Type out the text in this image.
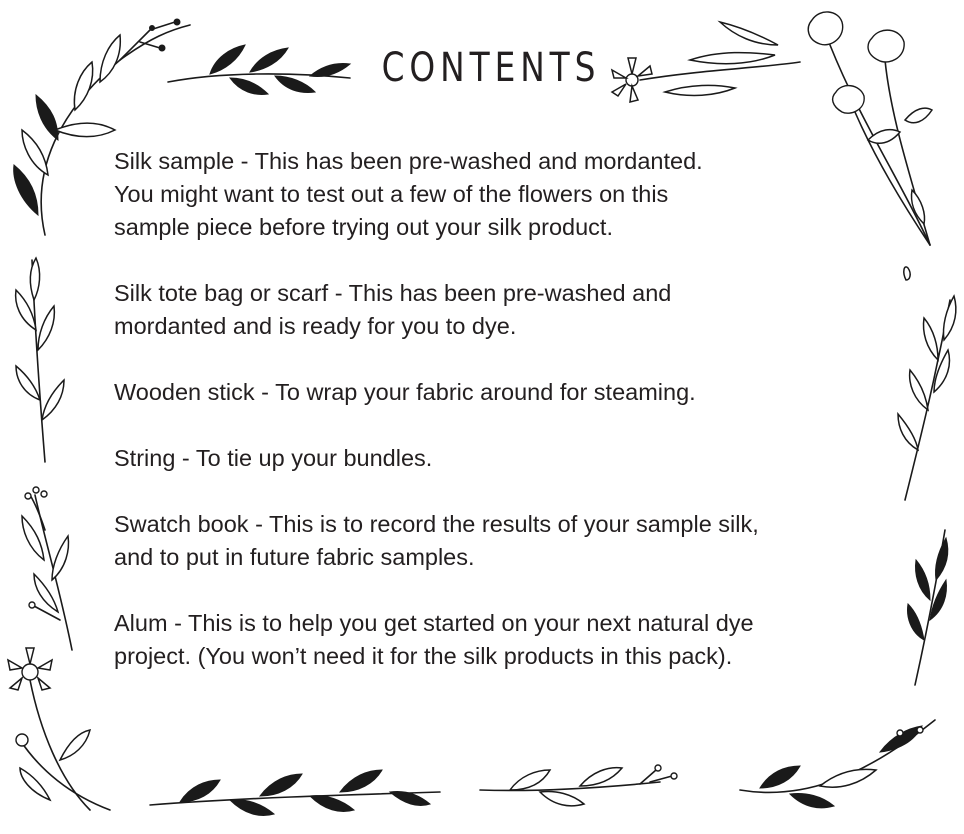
CONTENTS
Silk sample - This has been pre-washed and mordanted.
You might want to test out a few of the flowers on this
sample piece before trying out your silk product.
Silk tote bag or scarf - This has been pre-washed and
mordanted and is ready for you to dye.
Wooden stick - To wrap your fabric around for steaming.
String - To tie up your bundles.
Swatch book - This is to record the results of your sample silk,
and to put in future fabric samples.
Alum - This is to help you get started on your next natural dye
project. (You won’t need it for the silk products in this pack).
